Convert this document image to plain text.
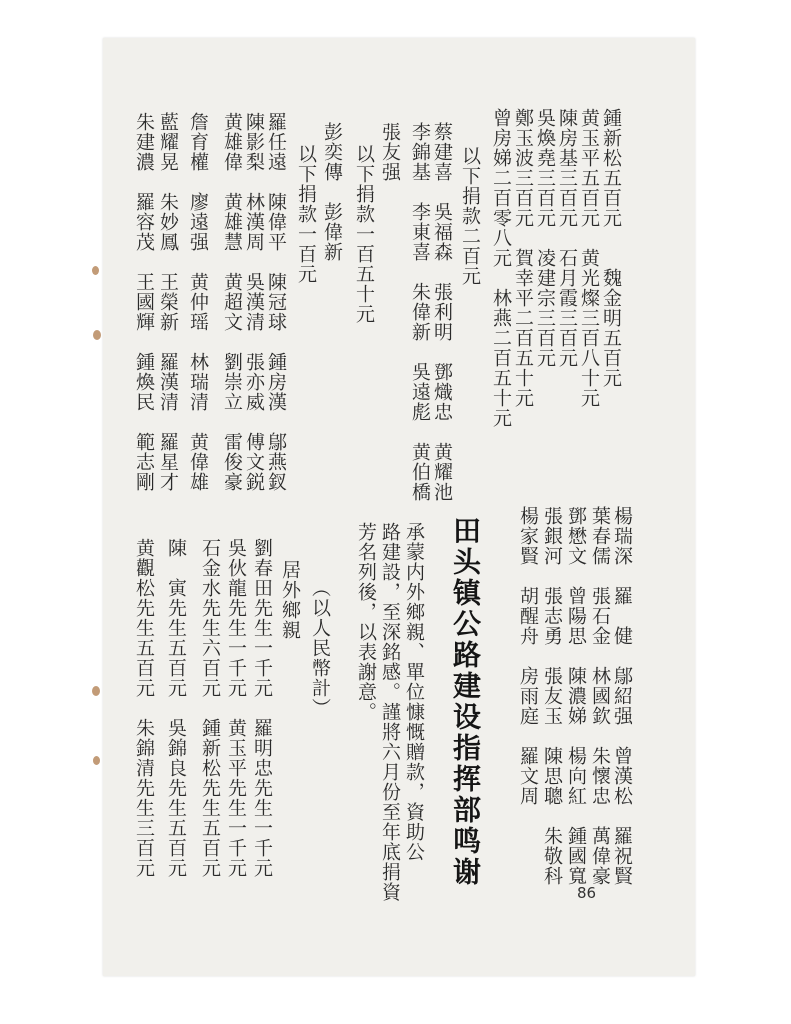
鍾新松五百元　　魏金明五百元
黄玉平五百元　黄光燦三百八十元
陳房基三百元　石月霞三百元
吳煥堯三百元　凌建宗三百元
鄭玉波三百元　賀幸平二百五十元
曾房娣二百零八元　林燕二百五十元
以下捐款二百元
蔡建喜　吳福森　張利明　鄧熾忠　黄耀池
李錦基　李東喜　朱偉新　吳遠彪　黄伯橋
張友强
以下捐款一百五十元
彭奕傳　彭偉新
以下捐款一百元
羅任遠　陳偉平　陳冠球　鍾房漢　鄔燕釵
陳影梨　林漢周　吳漢清　張亦威　傅文鋭
黄雄偉　黄雄慧　黄超文　劉崇立　雷俊豪
詹育權　廖遠强　黄仲瑶　林瑞清　黄偉雄
藍耀晃　朱妙鳳　王榮新　羅漢清　羅星才
朱建濃　羅容茂　王國輝　鍾煥民　範志剛
楊瑞深　羅　健　鄔紹强　曾漢松　羅祝賢
葉春儒　張石金　林國欽　朱懷忠　萬偉豪
鄧懋文　曾陽思　陳濃娣　楊向紅　鍾國寬
張銀河　張志勇　張友玉　陳思聰　朱敬科
楊家賢　胡醒舟　房雨庭　羅文周
田头镇公路建设指挥部鸣谢
承蒙内外鄉親、單位慷慨贈款，資助公
路建設，至深銘感。謹將六月份至年底捐資
芳名列後，以表謝意。
（以人民幣計）
居外鄉親
劉春田先生一千元　羅明忠先生一千元
吳伙龍先生一千元　黄玉平先生一千元
石金水先生六百元　鍾新松先生五百元
陳　寅先生五百元　吳錦良先生五百元
黄觀松先生五百元　朱錦清先生三百元
86
